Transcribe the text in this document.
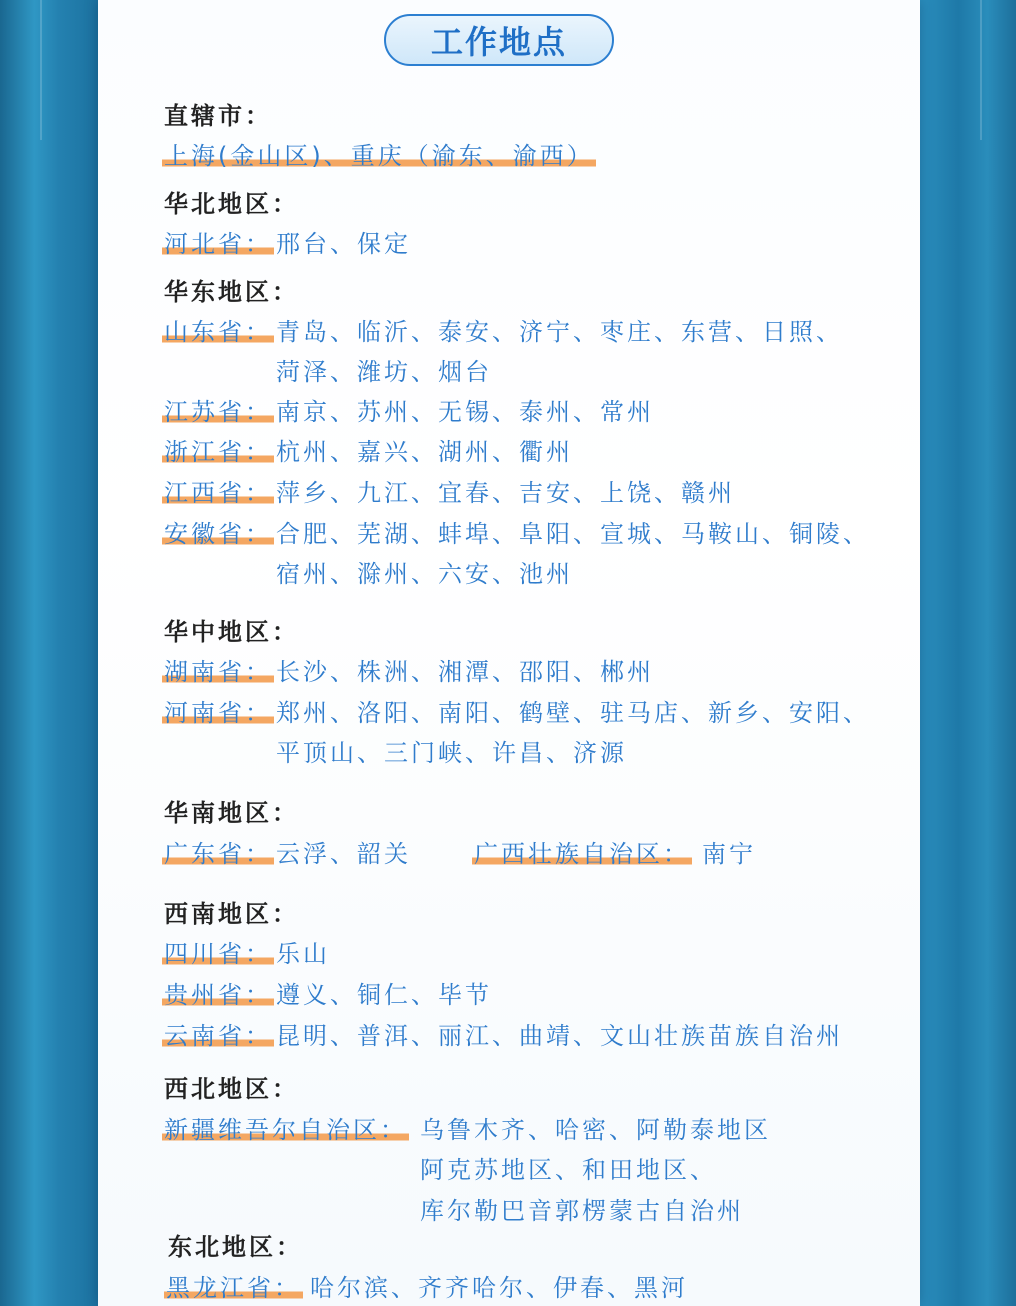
工作地点
直辖市：
上海(金山区)、重庆（渝东、渝西）
华北地区：
河北省： 邢台、保定
华东地区：
山东省： 青岛、临沂、泰安、济宁、枣庄、东营、日照、
菏泽、潍坊、烟台
江苏省： 南京、苏州、无锡、泰州、常州
浙江省： 杭州、嘉兴、湖州、衢州
江西省： 萍乡、九江、宜春、吉安、上饶、赣州
安徽省： 合肥、芜湖、蚌埠、阜阳、宣城、马鞍山、铜陵、
宿州、滁州、六安、池州
华中地区：
湖南省： 长沙、株洲、湘潭、邵阳、郴州
河南省： 郑州、洛阳、南阳、鹤壁、驻马店、新乡、安阳、
平顶山、三门峡、许昌、济源
华南地区：
广东省： 云浮、韶关	广西壮族自治区： 南宁
西南地区：
四川省： 乐山
贵州省： 遵义、铜仁、毕节
云南省： 昆明、普洱、丽江、曲靖、文山壮族苗族自治州
西北地区：
新疆维吾尔自治区： 乌鲁木齐、哈密、阿勒泰地区
阿克苏地区、和田地区、
库尔勒巴音郭楞蒙古自治州
东北地区：
黑龙江省： 哈尔滨、齐齐哈尔、伊春、黑河
